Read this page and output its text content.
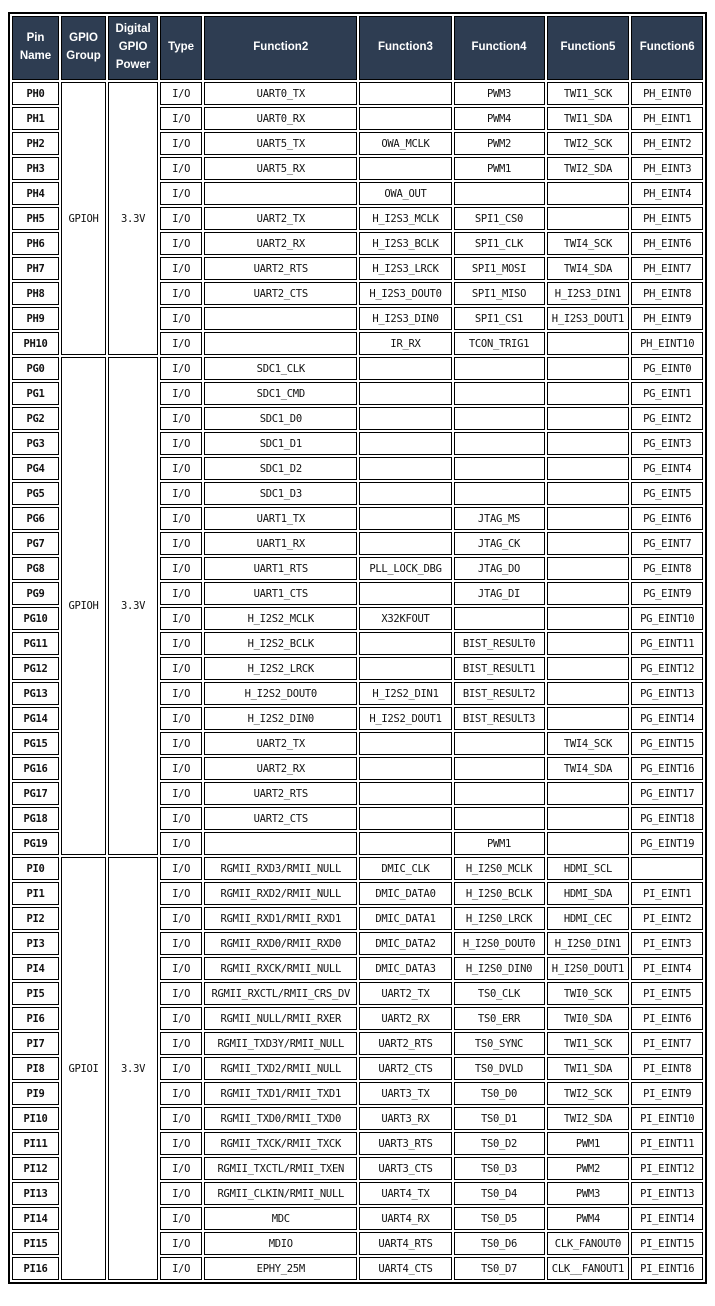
Pin Name	GPIO Group	Digital GPIO Power	Type	Function2	Function3	Function4	Function5	Function6
PH0	GPIOH	3.3V	I/O	UART0_TX		PWM3	TWI1_SCK	PH_EINT0
PH1			I/O	UART0_RX		PWM4	TWI1_SDA	PH_EINT1
PH2			I/O	UART5_TX	OWA_MCLK	PWM2	TWI2_SCK	PH_EINT2
PH3			I/O	UART5_RX		PWM1	TWI2_SDA	PH_EINT3
PH4			I/O		OWA_OUT			PH_EINT4
PH5			I/O	UART2_TX	H_I2S3_MCLK	SPI1_CS0		PH_EINT5
PH6			I/O	UART2_RX	H_I2S3_BCLK	SPI1_CLK	TWI4_SCK	PH_EINT6
PH7			I/O	UART2_RTS	H_I2S3_LRCK	SPI1_MOSI	TWI4_SDA	PH_EINT7
PH8			I/O	UART2_CTS	H_I2S3_DOUT0	SPI1_MISO	H_I2S3_DIN1	PH_EINT8
PH9			I/O		H_I2S3_DIN0	SPI1_CS1	H_I2S3_DOUT1	PH_EINT9
PH10			I/O		IR_RX	TCON_TRIG1		PH_EINT10
PG0	GPIOH	3.3V	I/O	SDC1_CLK				PG_EINT0
PG1			I/O	SDC1_CMD				PG_EINT1
PG2			I/O	SDC1_D0				PG_EINT2
PG3			I/O	SDC1_D1				PG_EINT3
PG4			I/O	SDC1_D2				PG_EINT4
PG5			I/O	SDC1_D3				PG_EINT5
PG6			I/O	UART1_TX		JTAG_MS		PG_EINT6
PG7			I/O	UART1_RX		JTAG_CK		PG_EINT7
PG8			I/O	UART1_RTS	PLL_LOCK_DBG	JTAG_DO		PG_EINT8
PG9			I/O	UART1_CTS		JTAG_DI		PG_EINT9
PG10			I/O	H_I2S2_MCLK	X32KFOUT			PG_EINT10
PG11			I/O	H_I2S2_BCLK		BIST_RESULT0		PG_EINT11
PG12			I/O	H_I2S2_LRCK		BIST_RESULT1		PG_EINT12
PG13			I/O	H_I2S2_DOUT0	H_I2S2_DIN1	BIST_RESULT2		PG_EINT13
PG14			I/O	H_I2S2_DIN0	H_I2S2_DOUT1	BIST_RESULT3		PG_EINT14
PG15			I/O	UART2_TX			TWI4_SCK	PG_EINT15
PG16			I/O	UART2_RX			TWI4_SDA	PG_EINT16
PG17			I/O	UART2_RTS				PG_EINT17
PG18			I/O	UART2_CTS				PG_EINT18
PG19			I/O			PWM1		PG_EINT19
PI0	GPIOI	3.3V	I/O	RGMII_RXD3/RMII_NULL	DMIC_CLK	H_I2S0_MCLK	HDMI_SCL	
PI1			I/O	RGMII_RXD2/RMII_NULL	DMIC_DATA0	H_I2S0_BCLK	HDMI_SDA	PI_EINT1
PI2			I/O	RGMII_RXD1/RMII_RXD1	DMIC_DATA1	H_I2S0_LRCK	HDMI_CEC	PI_EINT2
PI3			I/O	RGMII_RXD0/RMII_RXD0	DMIC_DATA2	H_I2S0_DOUT0	H_I2S0_DIN1	PI_EINT3
PI4			I/O	RGMII_RXCK/RMII_NULL	DMIC_DATA3	H_I2S0_DIN0	H_I2S0_DOUT1	PI_EINT4
PI5			I/O	RGMII_RXCTL/RMII_CRS_DV	UART2_TX	TS0_CLK	TWI0_SCK	PI_EINT5
PI6			I/O	RGMII_NULL/RMII_RXER	UART2_RX	TS0_ERR	TWI0_SDA	PI_EINT6
PI7			I/O	RGMII_TXD3Y/RMII_NULL	UART2_RTS	TS0_SYNC	TWI1_SCK	PI_EINT7
PI8			I/O	RGMII_TXD2/RMII_NULL	UART2_CTS	TS0_DVLD	TWI1_SDA	PI_EINT8
PI9			I/O	RGMII_TXD1/RMII_TXD1	UART3_TX	TS0_D0	TWI2_SCK	PI_EINT9
PI10			I/O	RGMII_TXD0/RMII_TXD0	UART3_RX	TS0_D1	TWI2_SDA	PI_EINT10
PI11			I/O	RGMII_TXCK/RMII_TXCK	UART3_RTS	TS0_D2	PWM1	PI_EINT11
PI12			I/O	RGMII_TXCTL/RMII_TXEN	UART3_CTS	TS0_D3	PWM2	PI_EINT12
PI13			I/O	RGMII_CLKIN/RMII_NULL	UART4_TX	TS0_D4	PWM3	PI_EINT13
PI14			I/O	MDC	UART4_RX	TS0_D5	PWM4	PI_EINT14
PI15			I/O	MDIO	UART4_RTS	TS0_D6	CLK_FANOUT0	PI_EINT15
PI16			I/O	EPHY_25M	UART4_CTS	TS0_D7	CLK__FANOUT1	PI_EINT16
